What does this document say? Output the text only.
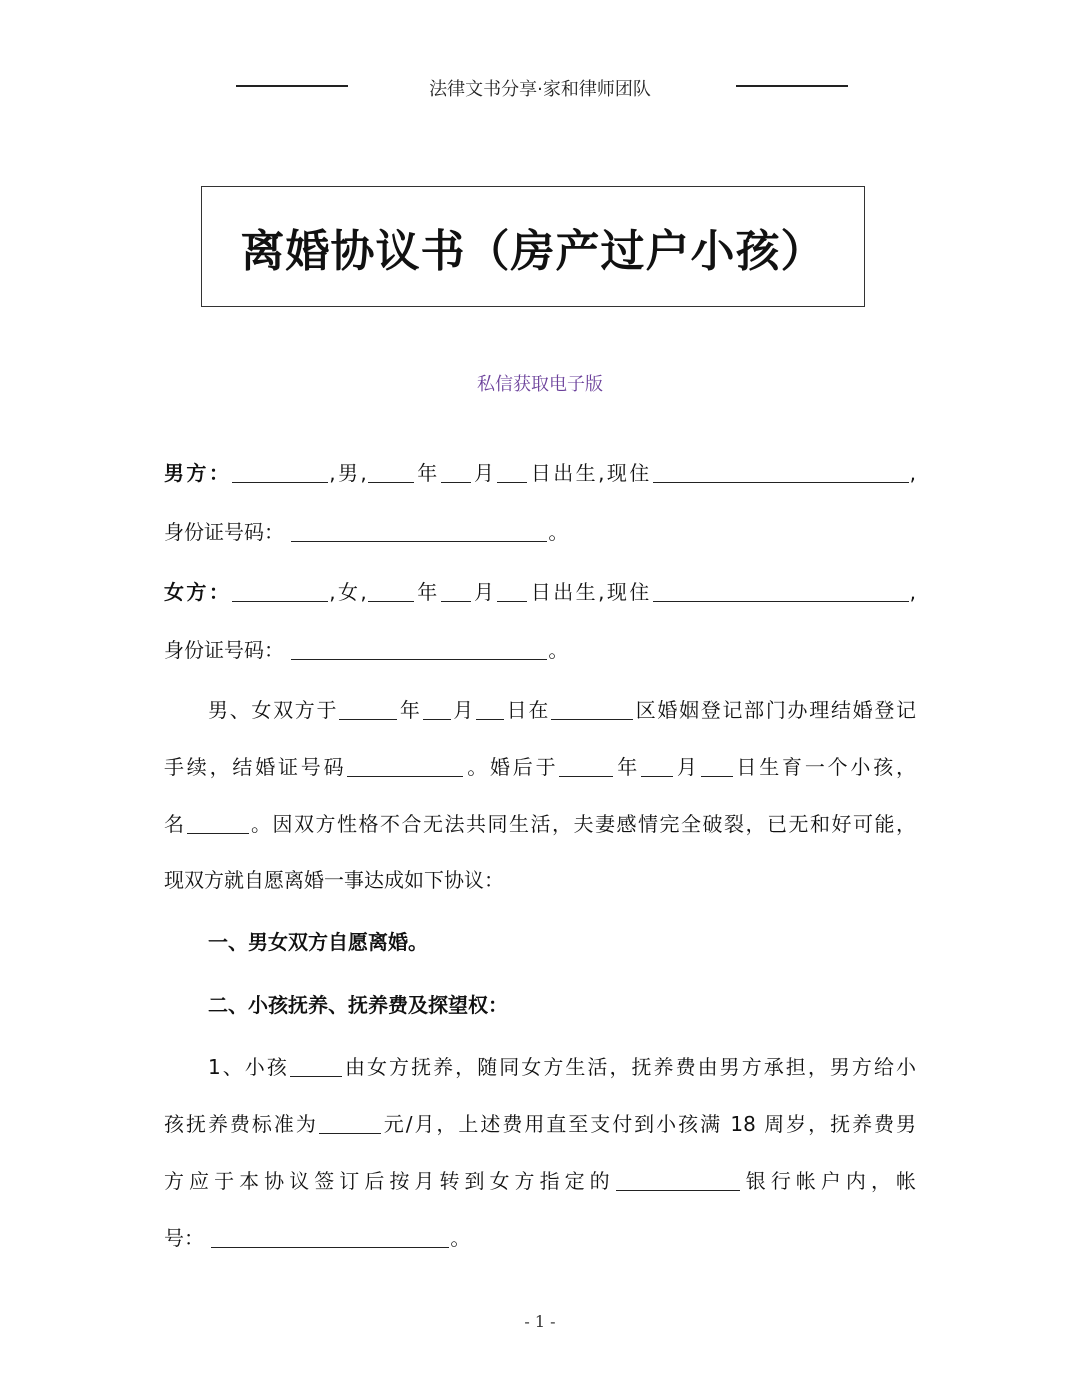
法律文书分享·家和律师团队
离婚协议书（房产过户小孩）
私信获取电子版
男方：	,男, 年 月 日出生,现住	,
身份证号码：	。
女方：	,女, 年 月 日出生,现住	,
身份证号码：	。
男、女双方于	年 月 日在	区婚姻登记部门办理结婚登记
手续，结婚证号码	。婚后于	年 月 日生育一个小孩，
名	。因双方性格不合无法共同生活，夫妻感情完全破裂，已无和好可能，
现双方就自愿离婚一事达成如下协议：
一、男女双方自愿离婚。
二、小孩抚养、抚养费及探望权：
1、小孩	由女方抚养，随同女方生活，抚养费由男方承担，男方给小
孩抚养费标准为	元/月，上述费用直至支付到小孩满 18 周岁，抚养费男
方应于本协议签订后按月转到女方指定的	银行帐户内，帐
号：	。
- 1 -
